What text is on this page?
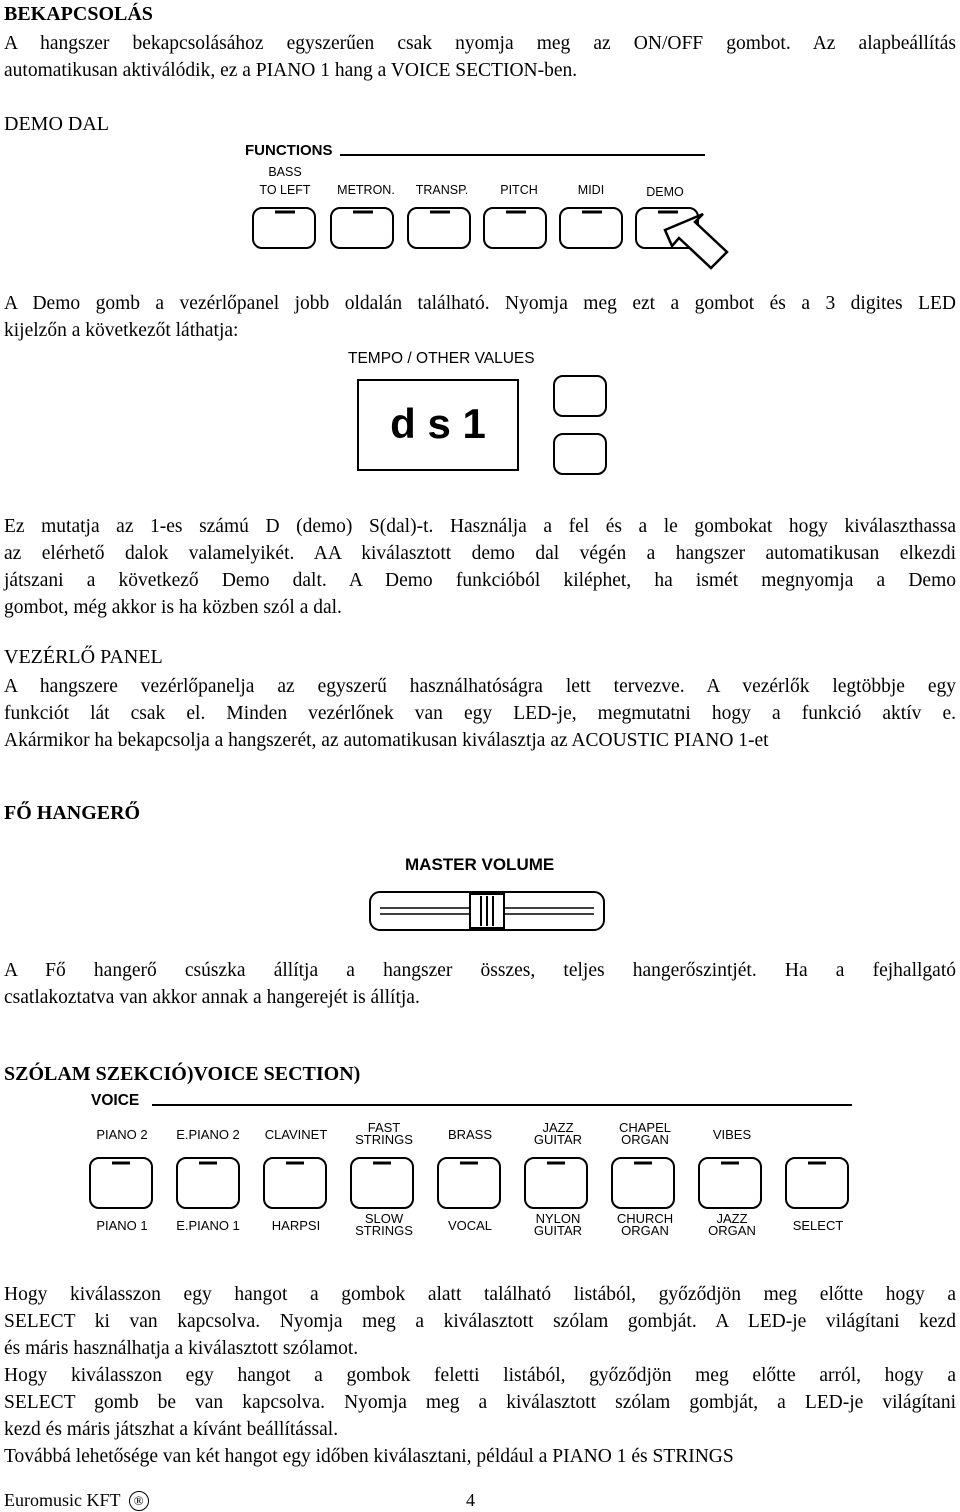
BEKAPCSOLÁS
A hangszer bekapcsolásához egyszerűen csak nyomja meg az ON/OFF gombot. Az alapbeállítás
automatikusan aktiválódik, ez a PIANO 1 hang a VOICE SECTION-ben.
DEMO DAL
FUNCTIONS
BASS
TO LEFT	METRON.	TRANSP.	PITCH	MIDI	DEMO
A Demo gomb a vezérlőpanel jobb oldalán található. Nyomja meg ezt a gombot és a 3 digites LED
kijelzőn a következőt láthatja:
TEMPO / OTHER VALUES
d s 1
Ez mutatja az 1-es számú D (demo) S(dal)-t. Használja a fel és a le gombokat hogy kiválaszthassa
az elérhető dalok valamelyikét. AA kiválasztott demo dal végén a hangszer automatikusan elkezdi
játszani a következő Demo dalt. A Demo funkcióból kiléphet, ha ismét megnyomja a Demo
gombot, még akkor is ha közben szól a dal.
VEZÉRLŐ PANEL
A hangszere vezérlőpanelja az egyszerű használhatóságra lett tervezve. A vezérlők legtöbbje egy
funkciót lát csak el. Minden vezérlőnek van egy LED-je, megmutatni hogy a funkció aktív e.
Akármikor ha bekapcsolja a hangszerét, az automatikusan kiválasztja az ACOUSTIC PIANO 1-et
FŐ HANGERŐ
MASTER VOLUME
A Fő hangerő csúszka állítja a hangszer összes, teljes hangerőszintjét. Ha a fejhallgató
csatlakoztatva van akkor annak a hangerejét is állítja.
SZÓLAM SZEKCIÓ)VOICE SECTION)
VOICE
PIANO 2	E.PIANO 2	CLAVINET	FAST
STRINGS	BRASS	JAZZ
GUITAR
CHAPEL
ORGAN	VIBES
PIANO 1	E.PIANO 1	HARPSI	SLOW
STRINGS	VOCAL	NYLON
GUITAR
CHURCH
ORGAN
JAZZ
ORGAN	SELECT
Hogy kiválasszon egy hangot a gombok alatt található listából, győződjön meg előtte hogy a
SELECT ki van kapcsolva. Nyomja meg a kiválasztott szólam gombját. A LED-je világítani kezd
és máris használhatja a kiválasztott szólamot.
Hogy kiválasszon egy hangot a gombok feletti listából, győződjön meg előtte arról, hogy a
SELECT gomb be van kapcsolva. Nyomja meg a kiválasztott szólam gombját, a LED-je világítani
kezd és máris játszhat a kívánt beállítással.
Továbbá lehetősége van két hangot egy időben kiválasztani, például a PIANO 1 és STRINGS
Euromusic KFT ®	4
